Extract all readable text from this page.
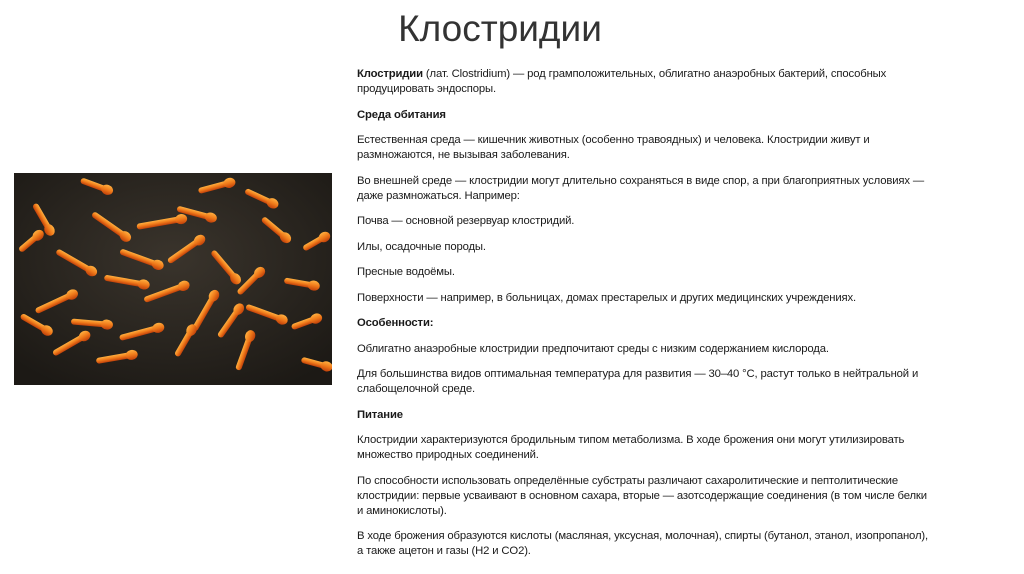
Клостридии

Клостридии (лат. Clostridium) — род грамположительных, облигатно анаэробных бактерий, способных
продуцировать эндоспоры.

Среда обитания

Естественная среда — кишечник животных (особенно травоядных) и человека. Клостридии живут и
размножаются, не вызывая заболевания.

Во внешней среде — клостридии могут длительно сохраняться в виде спор, а при благоприятных условиях —
даже размножаться. Например:

Почва — основной резервуар клостридий.

Илы, осадочные породы.

Пресные водоёмы.

Поверхности — например, в больницах, домах престарелых и других медицинских учреждениях.

Особенности:

Облигатно анаэробные клостридии предпочитают среды с низким содержанием кислорода.

Для большинства видов оптимальная температура для развития — 30–40 °C, растут только в нейтральной и
слабощелочной среде.

Питание

Клостридии характеризуются бродильным типом метаболизма. В ходе брожения они могут утилизировать
множество природных соединений.

По способности использовать определённые субстраты различают сахаролитические и пептолитические
клостридии: первые усваивают в основном сахара, вторые — азотсодержащие соединения (в том числе белки
и аминокислоты).

В ходе брожения образуются кислоты (масляная, уксусная, молочная), спирты (бутанол, этанол, изопропанол),
а также ацетон и газы (H2 и CO2).
